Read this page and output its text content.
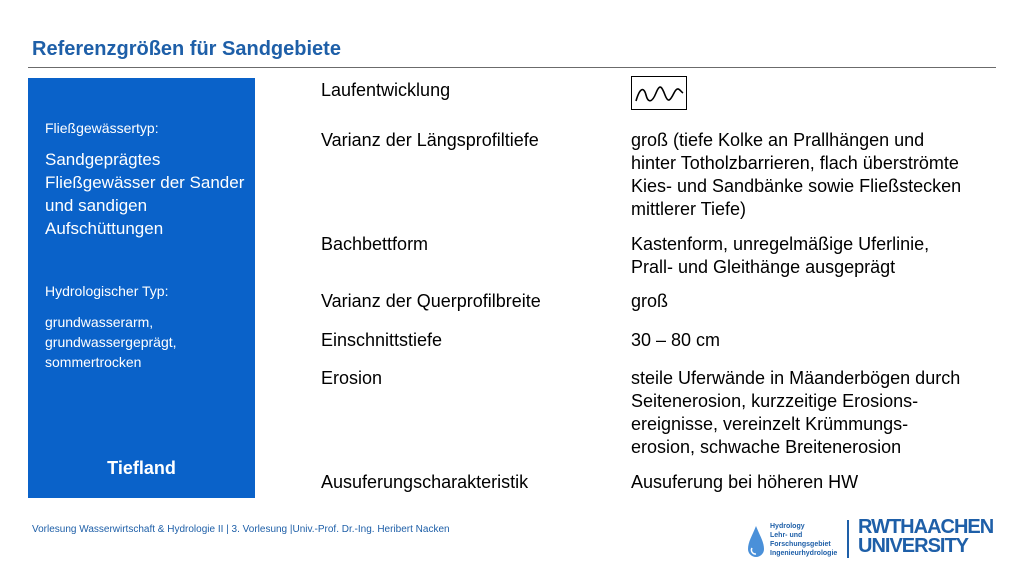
Referenzgrößen für Sandgebiete
Fließgewässertyp:
Sandgeprägtes Fließgewässer der Sander und sandigen Aufschüttungen
Hydrologischer Typ:
grundwasserarm, grundwassergeprägt, sommertrocken
Tiefland
Laufentwicklung
Varianz der Längsprofiltiefe	groß (tiefe Kolke an Prallhängen und hinter Totholzbarrieren, flach überströmte Kies- und Sandbänke sowie Fließstecken mittlerer Tiefe)
Bachbettform	Kastenform, unregelmäßige Uferlinie, Prall- und Gleithänge ausgeprägt
Varianz der Querprofilbreite	groß
Einschnittstiefe	30 – 80 cm
Erosion	steile Uferwände in Mäanderbögen durch Seitenerosion, kurzzeitige Erosions-ereignisse, vereinzelt Krümmungs-erosion, schwache Breitenerosion
Ausuferungscharakteristik	Ausuferung bei höheren HW
Vorlesung Wasserwirtschaft & Hydrologie II | 3. Vorlesung |Univ.-Prof. Dr.-Ing. Heribert Nacken	Hydrology
Lehr- und
Forschungsgebiet
Ingenieurhydrologie
RWTHAACHEN
UNIVERSITY
